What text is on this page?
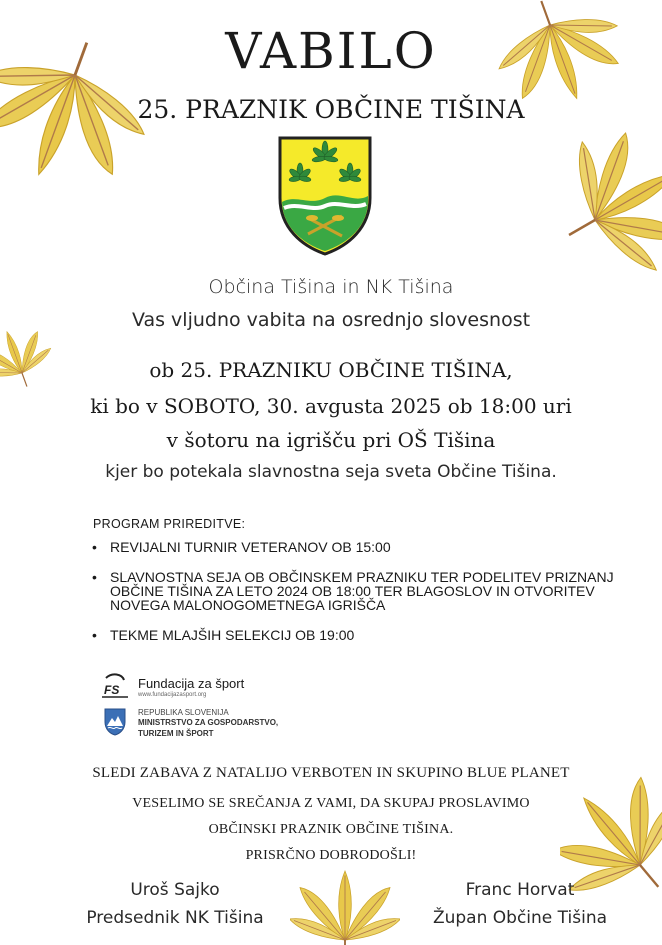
VABILO
25. PRAZNIK OBČINE TIŠINA
Občina Tišina in NK Tišina
Vas vljudno vabita na osrednjo slovesnost
ob 25. PRAZNIKU OBČINE TIŠINA,
ki bo v SOBOTO, 30. avgusta 2025 ob 18:00 uri
v šotoru na igrišču pri OŠ Tišina
kjer bo potekala slavnostna seja sveta Občine Tišina.
PROGRAM PRIREDITVE:
• REVIJALNI TURNIR VETERANOV OB 15:00
• SLAVNOSTNA SEJA OB OBČINSKEM PRAZNIKU TER PODELITEV PRIZNANJ OBČINE TIŠINA ZA LETO 2024 OB 18:00 TER BLAGOSLOV IN OTVORITEV NOVEGA MALONOGOMETNEGA IGRIŠČA
• TEKME MLAJŠIH SELEKCIJ OB 19:00
FS Fundacija za šport
www.fundacijazasport.org
REPUBLIKA SLOVENIJA
MINISTRSTVO ZA GOSPODARSTVO,
TURIZEM IN ŠPORT
SLEDI ZABAVA Z NATALIJO VERBOTEN IN SKUPINO BLUE PLANET
VESELIMO SE SREČANJA Z VAMI, DA SKUPAJ PROSLAVIMO
OBČINSKI PRAZNIK OBČINE TIŠINA.
PRISRČNO DOBRODOŠLI!
Uroš Sajko
Predsednik NK Tišina
Franc Horvat
Župan Občine Tišina
